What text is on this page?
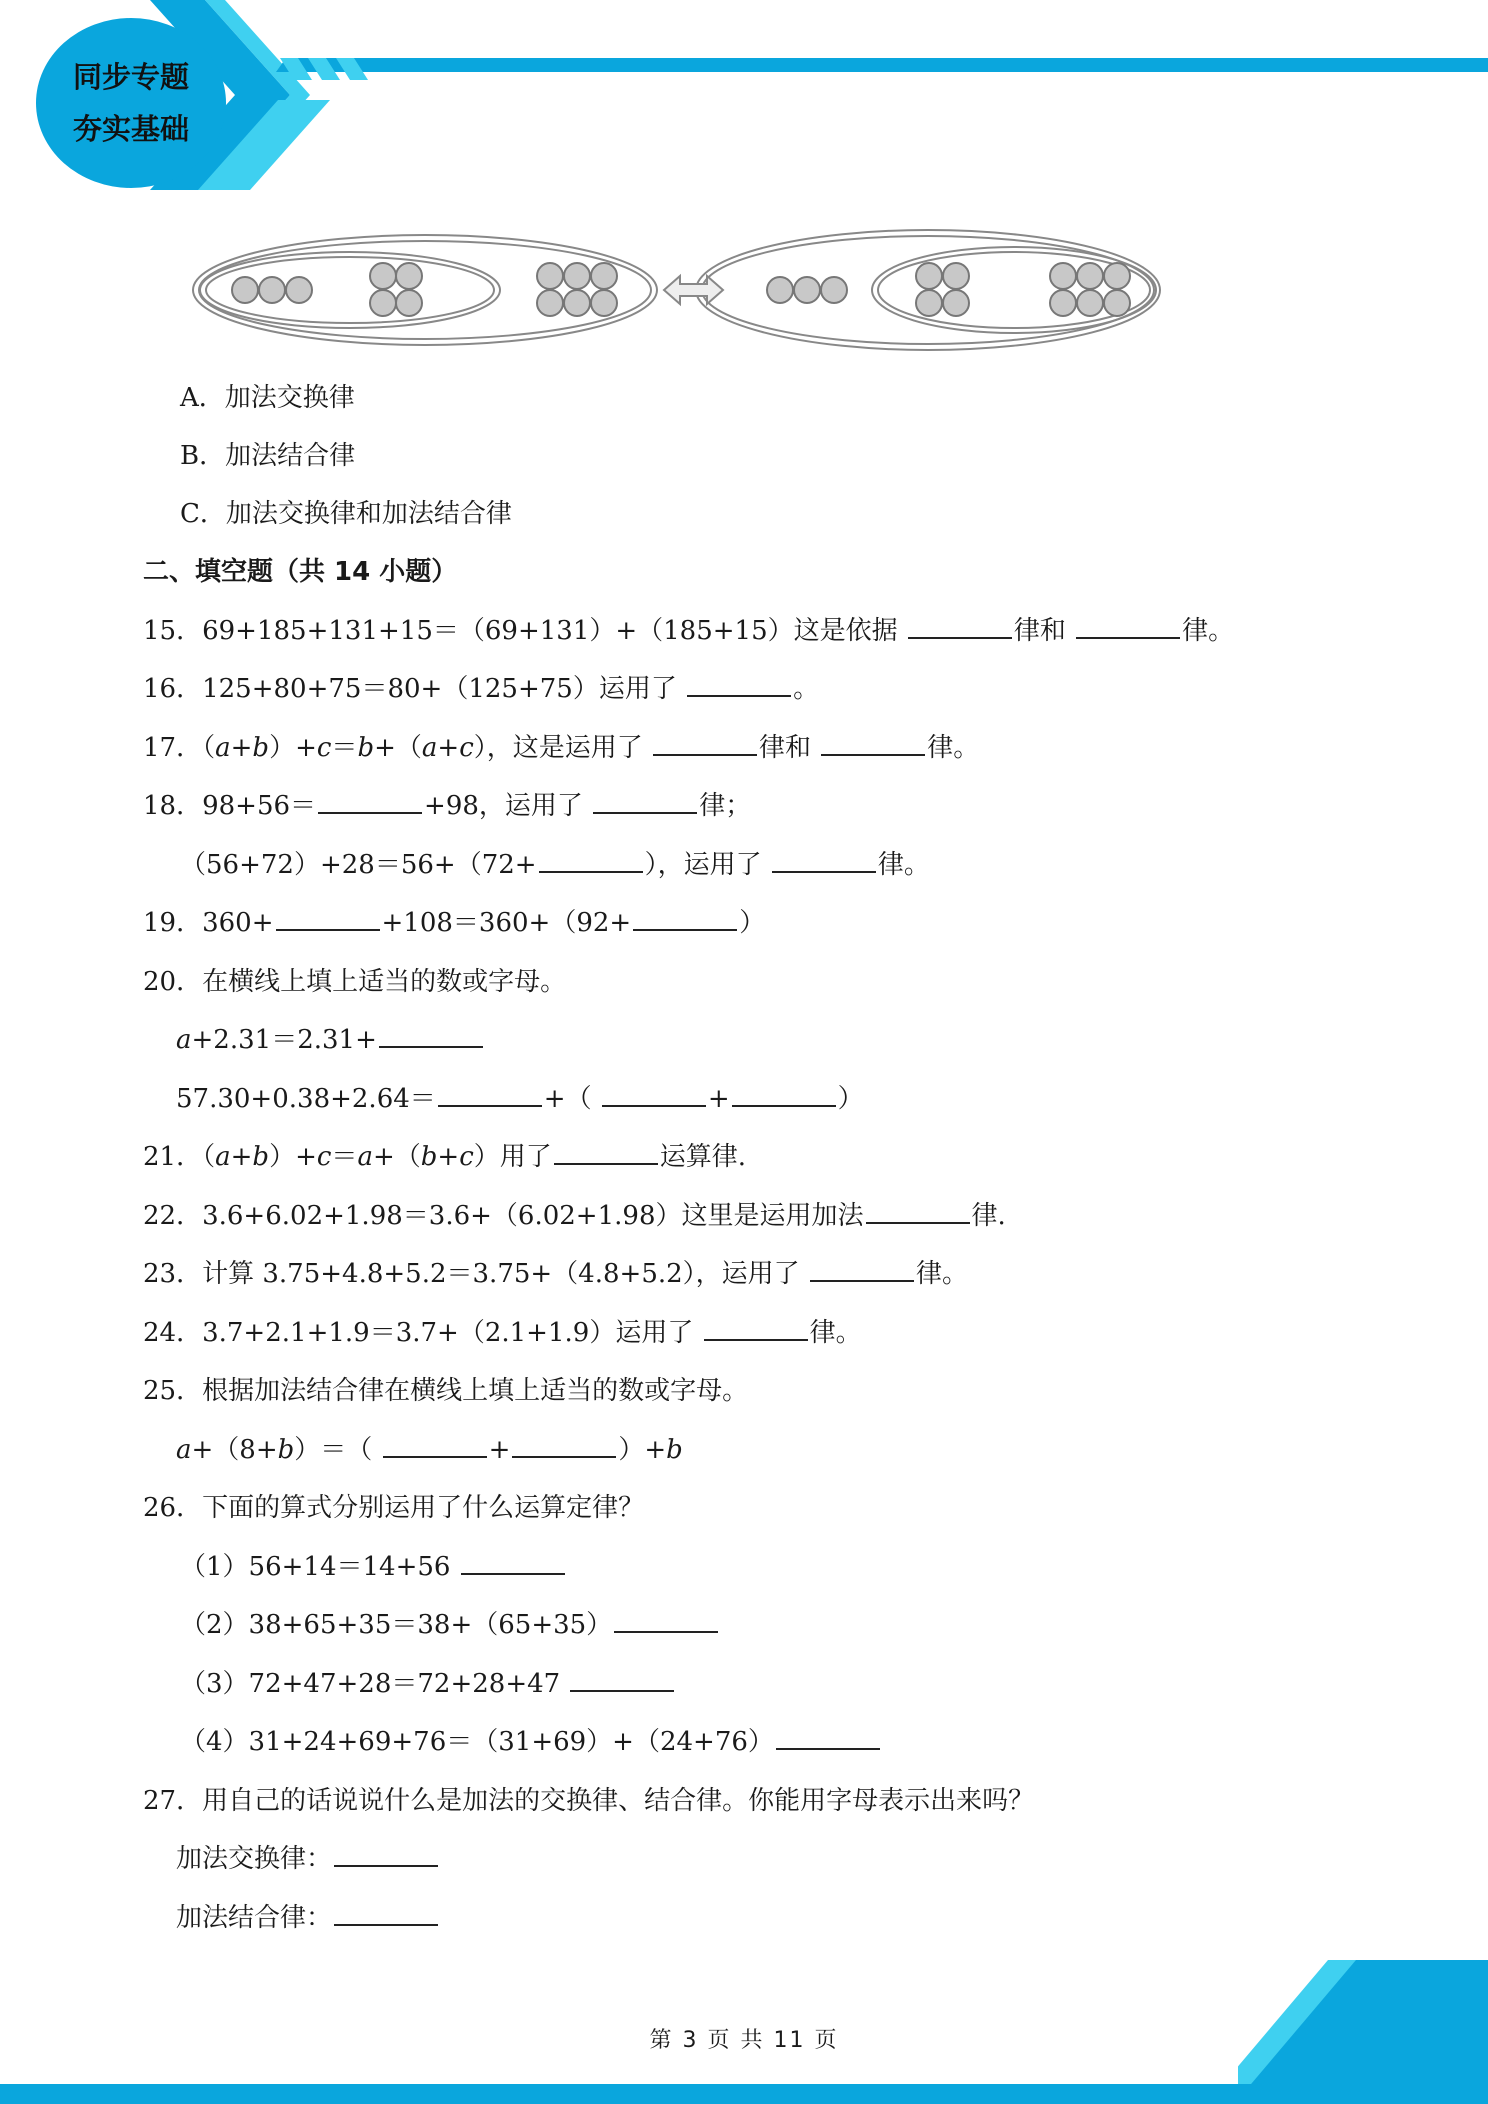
同步专题
夯实基础
A．加法交换律
B．加法结合律
C．加法交换律和加法结合律
二、填空题（共 14 小题）
15．69+185+131+15＝（69+131）+（185+15）这是依据	律和	律。
16．125+80+75＝80+（125+75）运用了	。
17．（a+b）+c＝b+（a+c），这是运用了	律和	律。
18．98+56＝	+98，运用了	律；
（56+72）+28＝56+（72+	），运用了	律。
19．360+	+108＝360+（92+	）
20．在横线上填上适当的数或字母。
a+2.31＝2.31+
57.30+0.38+2.64＝	+（	+	）
21．（a+b）+c＝a+（b+c）用了	运算律.
22．3.6+6.02+1.98＝3.6+（6.02+1.98）这里是运用加法	律.
23．计算 3.75+4.8+5.2＝3.75+（4.8+5.2），运用了	律。
24．3.7+2.1+1.9＝3.7+（2.1+1.9）运用了	律。
25．根据加法结合律在横线上填上适当的数或字母。
a+（8+b）＝（	+	）+b
26．下面的算式分别运用了什么运算定律？
（1）56+14＝14+56
（2）38+65+35＝38+（65+35）
（3）72+47+28＝72+28+47
（4）31+24+69+76＝（31+69）+（24+76）
27．用自己的话说说什么是加法的交换律、结合律。你能用字母表示出来吗？
加法交换律：
加法结合律：
第 3 页 共 11 页
